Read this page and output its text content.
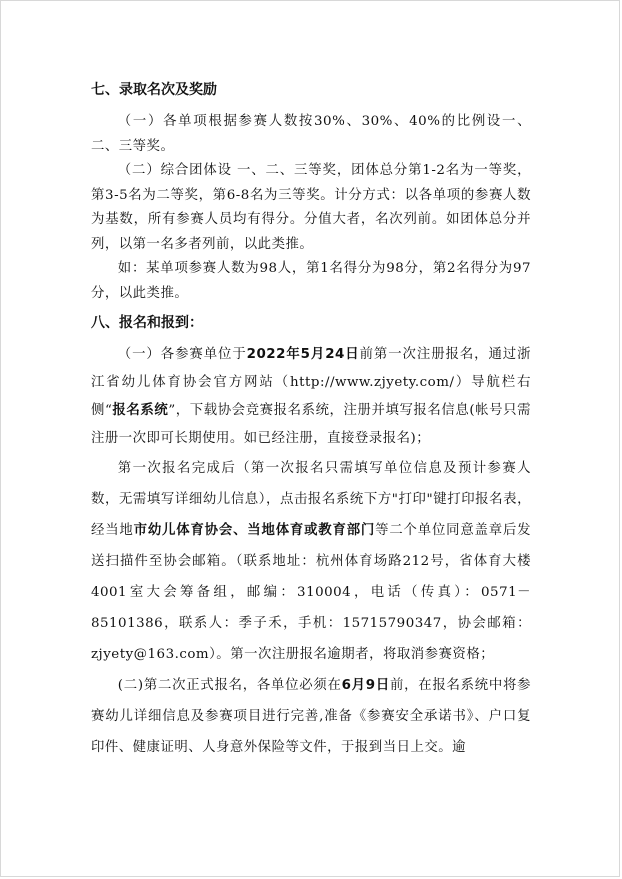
七、录取名次及奖励
（一）各单项根据参赛人数按30%、30%、40%的比例设一、二、三等奖。
（二）综合团体设 一、二、三等奖，团体总分第1-2名为一等奖，第3-5名为二等奖，第6-8名为三等奖。计分方式：以各单项的参赛人数为基数，所有参赛人员均有得分。分值大者，名次列前。如团体总分并列，以第一名多者列前，以此类推。
如：某单项参赛人数为98人，第1名得分为98分，第2名得分为97分，以此类推。
八、报名和报到：
（一）各参赛单位于2022年5月24日前第一次注册报名，通过浙江省幼儿体育协会官方网站（http://www.zjyety.com/）导航栏右侧“报名系统”，下载协会竞赛报名系统，注册并填写报名信息(帐号只需注册一次即可长期使用。如已经注册，直接登录报名)；
第一次报名完成后（第一次报名只需填写单位信息及预计参赛人数，无需填写详细幼儿信息），点击报名系统下方"打印"键打印报名表，经当地市幼儿体育协会、当地体育或教育部门等二个单位同意盖章后发送扫描件至协会邮箱。（联系地址：杭州体育场路212号，省体育大楼4001室大会筹备组，邮编：310004，电话（传真）：0571－85101386，联系人：季子禾，手机：15715790347，协会邮箱：zjyety@163.com）。第一次注册报名逾期者，将取消参赛资格；
(二)第二次正式报名，各单位必须在6月9日前，在报名系统中将参赛幼儿详细信息及参赛项目进行完善,准备《参赛安全承诺书》、户口复印件、健康证明、人身意外保险等文件，于报到当日上交。逾
